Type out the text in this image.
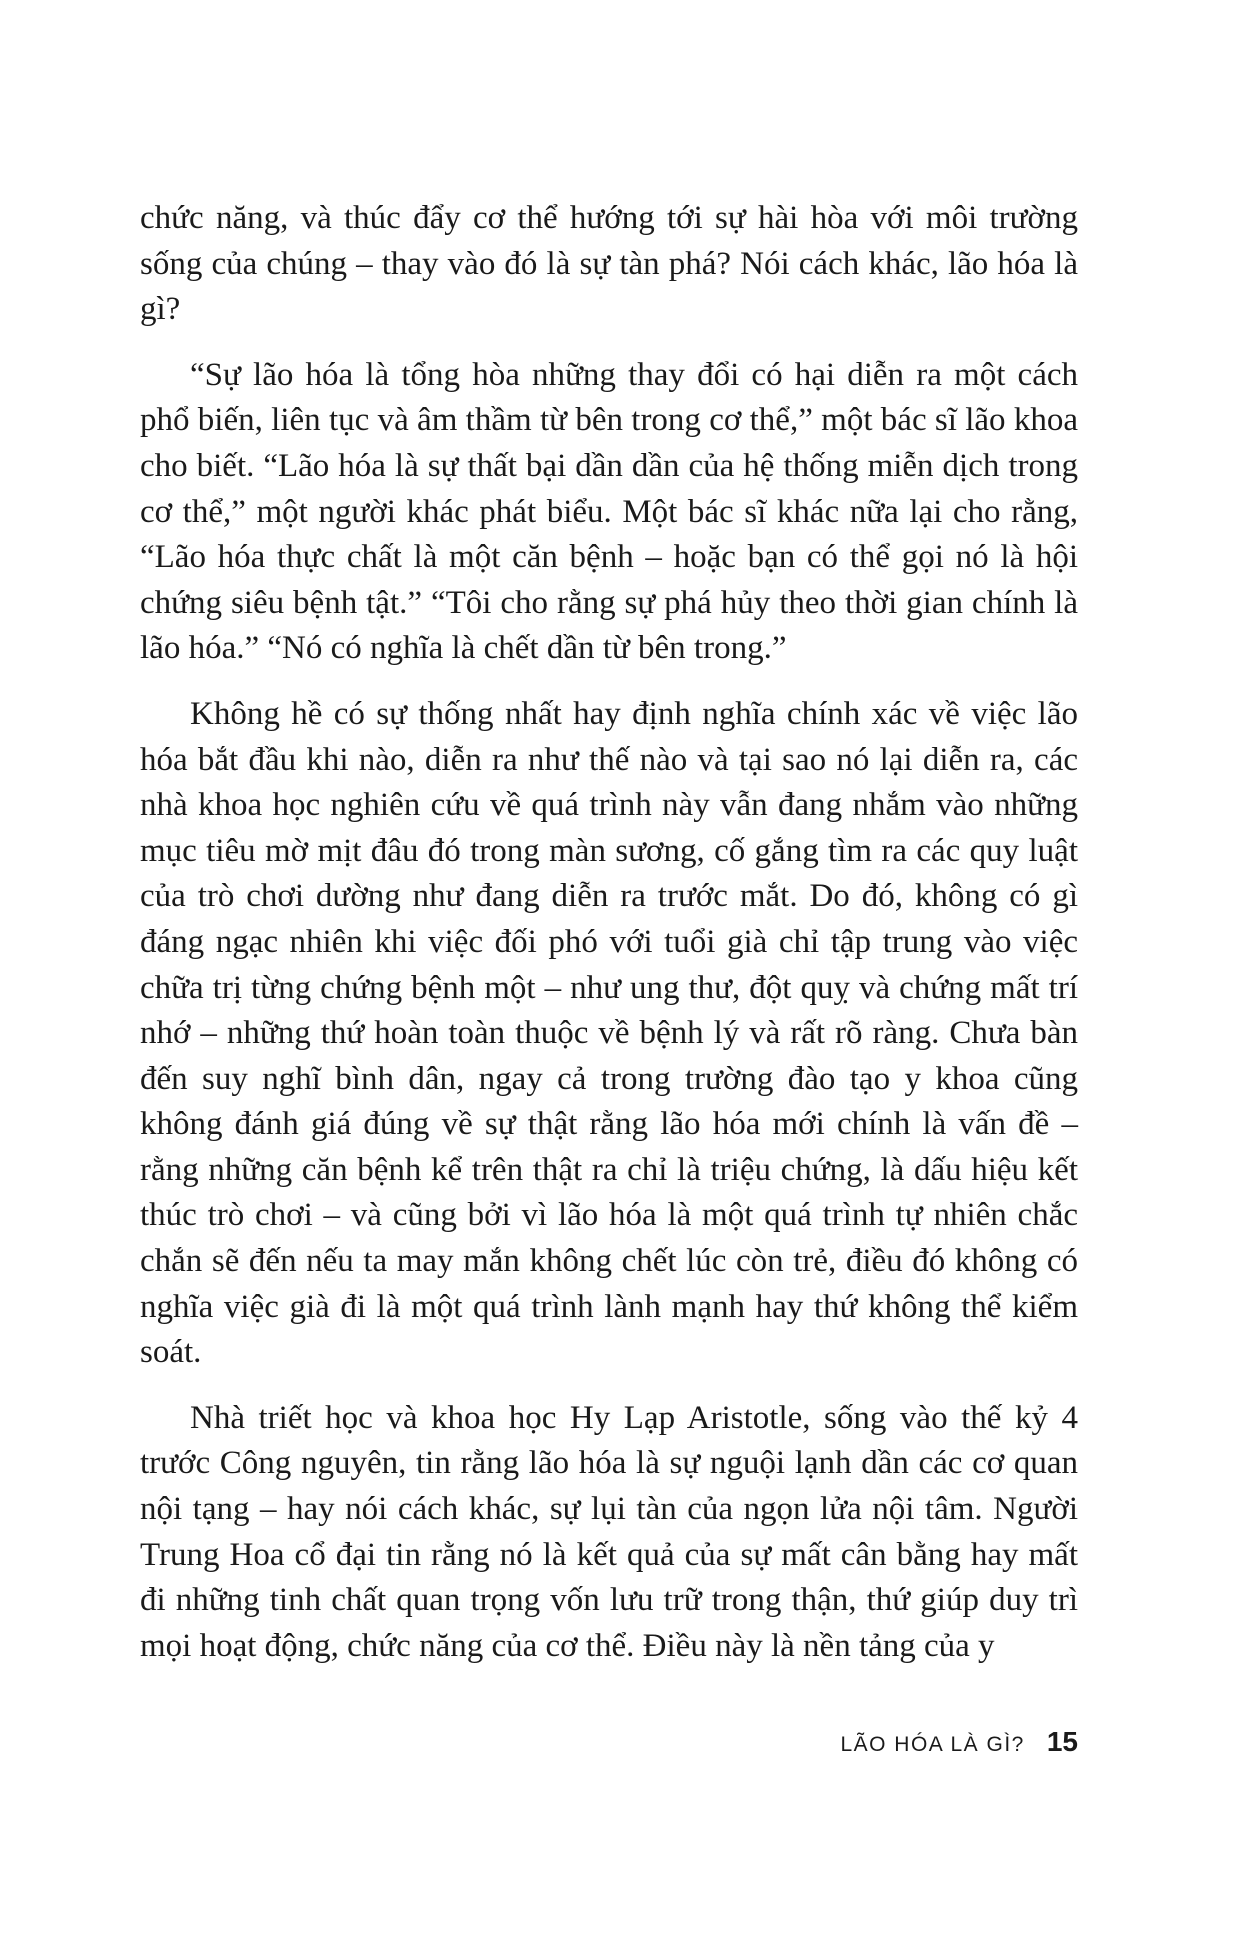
chức năng, và thúc đẩy cơ thể hướng tới sự hài hòa với môi trường sống của chúng – thay vào đó là sự tàn phá? Nói cách khác, lão hóa là gì?

“Sự lão hóa là tổng hòa những thay đổi có hại diễn ra một cách phổ biến, liên tục và âm thầm từ bên trong cơ thể,” một bác sĩ lão khoa cho biết. “Lão hóa là sự thất bại dần dần của hệ thống miễn dịch trong cơ thể,” một người khác phát biểu. Một bác sĩ khác nữa lại cho rằng, “Lão hóa thực chất là một căn bệnh – hoặc bạn có thể gọi nó là hội chứng siêu bệnh tật.” “Tôi cho rằng sự phá hủy theo thời gian chính là lão hóa.” “Nó có nghĩa là chết dần từ bên trong.”

Không hề có sự thống nhất hay định nghĩa chính xác về việc lão hóa bắt đầu khi nào, diễn ra như thế nào và tại sao nó lại diễn ra, các nhà khoa học nghiên cứu về quá trình này vẫn đang nhắm vào những mục tiêu mờ mịt đâu đó trong màn sương, cố gắng tìm ra các quy luật của trò chơi dường như đang diễn ra trước mắt. Do đó, không có gì đáng ngạc nhiên khi việc đối phó với tuổi già chỉ tập trung vào việc chữa trị từng chứng bệnh một – như ung thư, đột quỵ và chứng mất trí nhớ – những thứ hoàn toàn thuộc về bệnh lý và rất rõ ràng. Chưa bàn đến suy nghĩ bình dân, ngay cả trong trường đào tạo y khoa cũng không đánh giá đúng về sự thật rằng lão hóa mới chính là vấn đề – rằng những căn bệnh kể trên thật ra chỉ là triệu chứng, là dấu hiệu kết thúc trò chơi – và cũng bởi vì lão hóa là một quá trình tự nhiên chắc chắn sẽ đến nếu ta may mắn không chết lúc còn trẻ, điều đó không có nghĩa việc già đi là một quá trình lành mạnh hay thứ không thể kiểm soát.

Nhà triết học và khoa học Hy Lạp Aristotle, sống vào thế kỷ 4 trước Công nguyên, tin rằng lão hóa là sự nguội lạnh dần các cơ quan nội tạng – hay nói cách khác, sự lụi tàn của ngọn lửa nội tâm. Người Trung Hoa cổ đại tin rằng nó là kết quả của sự mất cân bằng hay mất đi những tinh chất quan trọng vốn lưu trữ trong thận, thứ giúp duy trì mọi hoạt động, chức năng của cơ thể. Điều này là nền tảng của y

LÃO HÓA LÀ GÌ? 15
